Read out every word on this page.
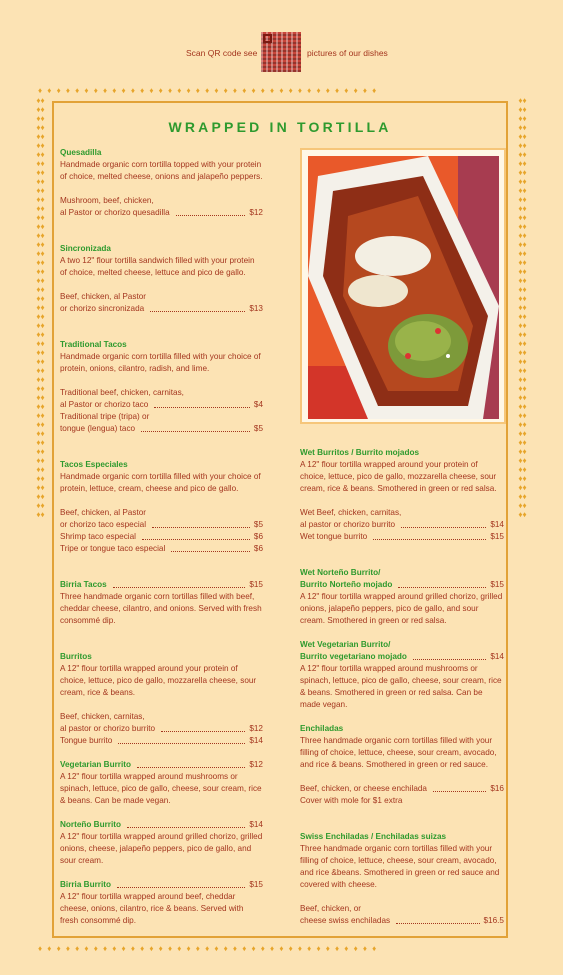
Scan QR code see	pictures of our dishes
♦♦♦♦♦♦♦♦♦♦♦♦♦♦♦♦♦♦♦♦♦♦♦♦♦♦♦♦♦♦♦♦♦♦♦♦♦
♦♦♦♦♦♦♦♦♦♦♦♦♦♦♦♦♦♦♦♦♦♦♦♦♦♦♦♦♦♦♦♦♦♦♦♦♦
♦♦♦♦♦♦♦♦♦♦♦♦♦♦♦♦♦♦♦♦♦♦♦♦♦♦♦♦♦♦♦♦♦♦♦♦♦♦♦♦♦♦♦♦♦♦♦♦♦♦♦♦♦♦♦♦♦♦♦♦♦♦♦♦♦♦♦♦♦♦♦♦♦♦♦♦♦♦♦♦♦♦♦♦♦♦♦♦♦♦♦♦♦♦
♦♦♦♦♦♦♦♦♦♦♦♦♦♦♦♦♦♦♦♦♦♦♦♦♦♦♦♦♦♦♦♦♦♦♦♦♦♦♦♦♦♦♦♦♦♦♦♦♦♦♦♦♦♦♦♦♦♦♦♦♦♦♦♦♦♦♦♦♦♦♦♦♦♦♦♦♦♦♦♦♦♦♦♦♦♦♦♦♦♦♦♦♦♦
WRAPPED IN TORTILLA
Quesadilla
Handmade organic corn tortilla topped with your protein of choice, melted cheese, onions and jalapeño peppers.
Mushroom, beef, chicken,
al Pastor or chorizo quesadilla	$12
Sincronizada
A two 12" flour tortilla sandwich filled with your protein of choice, melted cheese, lettuce and pico de gallo.
Beef, chicken, al Pastor
or chorizo sincronizada	$13
Traditional Tacos
Handmade organic corn tortilla filled with your choice of protein, onions, cilantro, radish, and lime.
Traditional beef, chicken, carnitas,
al Pastor or chorizo taco	$4
Traditional tripe (tripa) or
tongue (lengua) taco	$5
Tacos Especiales
Handmade organic corn tortilla filled with your choice of protein, lettuce, cream, cheese and pico de gallo.
Beef, chicken, al Pastor
or chorizo taco especial	$5
Shrimp taco especial	$6
Tripe or tongue taco especial	$6
Birria Tacos	$15
Three handmade organic corn tortillas filled with beef, cheddar cheese, cilantro, and onions. Served with fresh consommé dip.
Burritos
A 12" flour tortilla wrapped around your protein of choice, lettuce, pico de gallo, mozzarella cheese, sour cream, rice & beans.
Beef, chicken, carnitas,
al pastor or chorizo burrito	$12
Tongue burrito	$14
Vegetarian Burrito	$12
A 12" flour tortilla wrapped around mushrooms or spinach, lettuce, pico de gallo, cheese, sour cream, rice & beans. Can be made vegan.
Norteño Burrito	$14
A 12" flour tortilla wrapped around grilled chorizo, grilled onions, cheese, jalapeño peppers, pico de gallo, and sour cream.
Birria Burrito	$15
A 12" flour tortilla wrapped around beef, cheddar cheese, onions, cilantro, rice & beans. Served with fresh consommé dip.
Wet Burritos / Burrito mojados
A 12" flour tortilla wrapped around your protein of choice, lettuce, pico de gallo, mozzarella cheese, sour cream, rice & beans. Smothered in green or red salsa.
Wet Beef, chicken, carnitas,
al pastor or chorizo burrito	$14
Wet tongue burrito	$15
Wet Norteño Burrito/
Burrito Norteño mojado	$15
A 12" flour tortilla wrapped around grilled chorizo, grilled onions, jalapeño peppers, pico de gallo, and sour cream. Smothered in green or red salsa.
Wet Vegetarian Burrito/
Burrito vegetariano mojado	$14
A 12" flour tortilla wrapped around mushrooms or spinach, lettuce, pico de gallo, cheese, sour cream, rice & beans. Smothered in green or red salsa. Can be made vegan.
Enchiladas
Three handmade organic corn tortillas filled with your filling of choice, lettuce, cheese, sour cream, avocado, and rice & beans. Smothered in green or red sauce.
Beef, chicken, or cheese enchilada	$16
Cover with mole for $1 extra
Swiss Enchiladas / Enchiladas suizas
Three handmade organic corn tortillas filled with your filling of choice, lettuce, cheese, sour cream, avocado, and rice &beans. Smothered in green or red sauce and covered with cheese.
Beef, chicken, or
cheese swiss enchiladas	$16.5
